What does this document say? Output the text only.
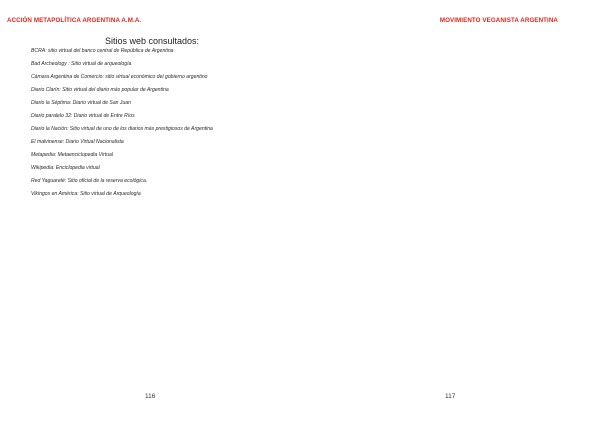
ACCIÓN METAPOLÍTICA ARGENTINA A.M.A.
Sitios web consultados:
BCRA: sitio virtual del banco central de República de Argentina
Bad Archeology : Sitio virtual de arqueología
Cámara Argentina de Comercio: sitio virtual económico del gobierno argentino
Diario Clarín: Sitio virtual del diario más popular de Argentina
Diario la Séptima: Diario virtual de San Juan
Diario paralelo 32: Diario virtual de Entre Ríos
Diario la Nación: Sitio virtual de uno de los diarios más prestigiosos de Argentina
El malvinense: Diario Virtual Nacionalista
Metapedia: Metaenciclopedia Virtual
Wikipedia: Enciclopedia virtual
Red Yaguareté: Sitio oficial de la reserva ecológica.
Vikingos en América: Sitio virtual de Arqueología
116
MOVIMIENTO VEGANISTA ARGENTINA
117
